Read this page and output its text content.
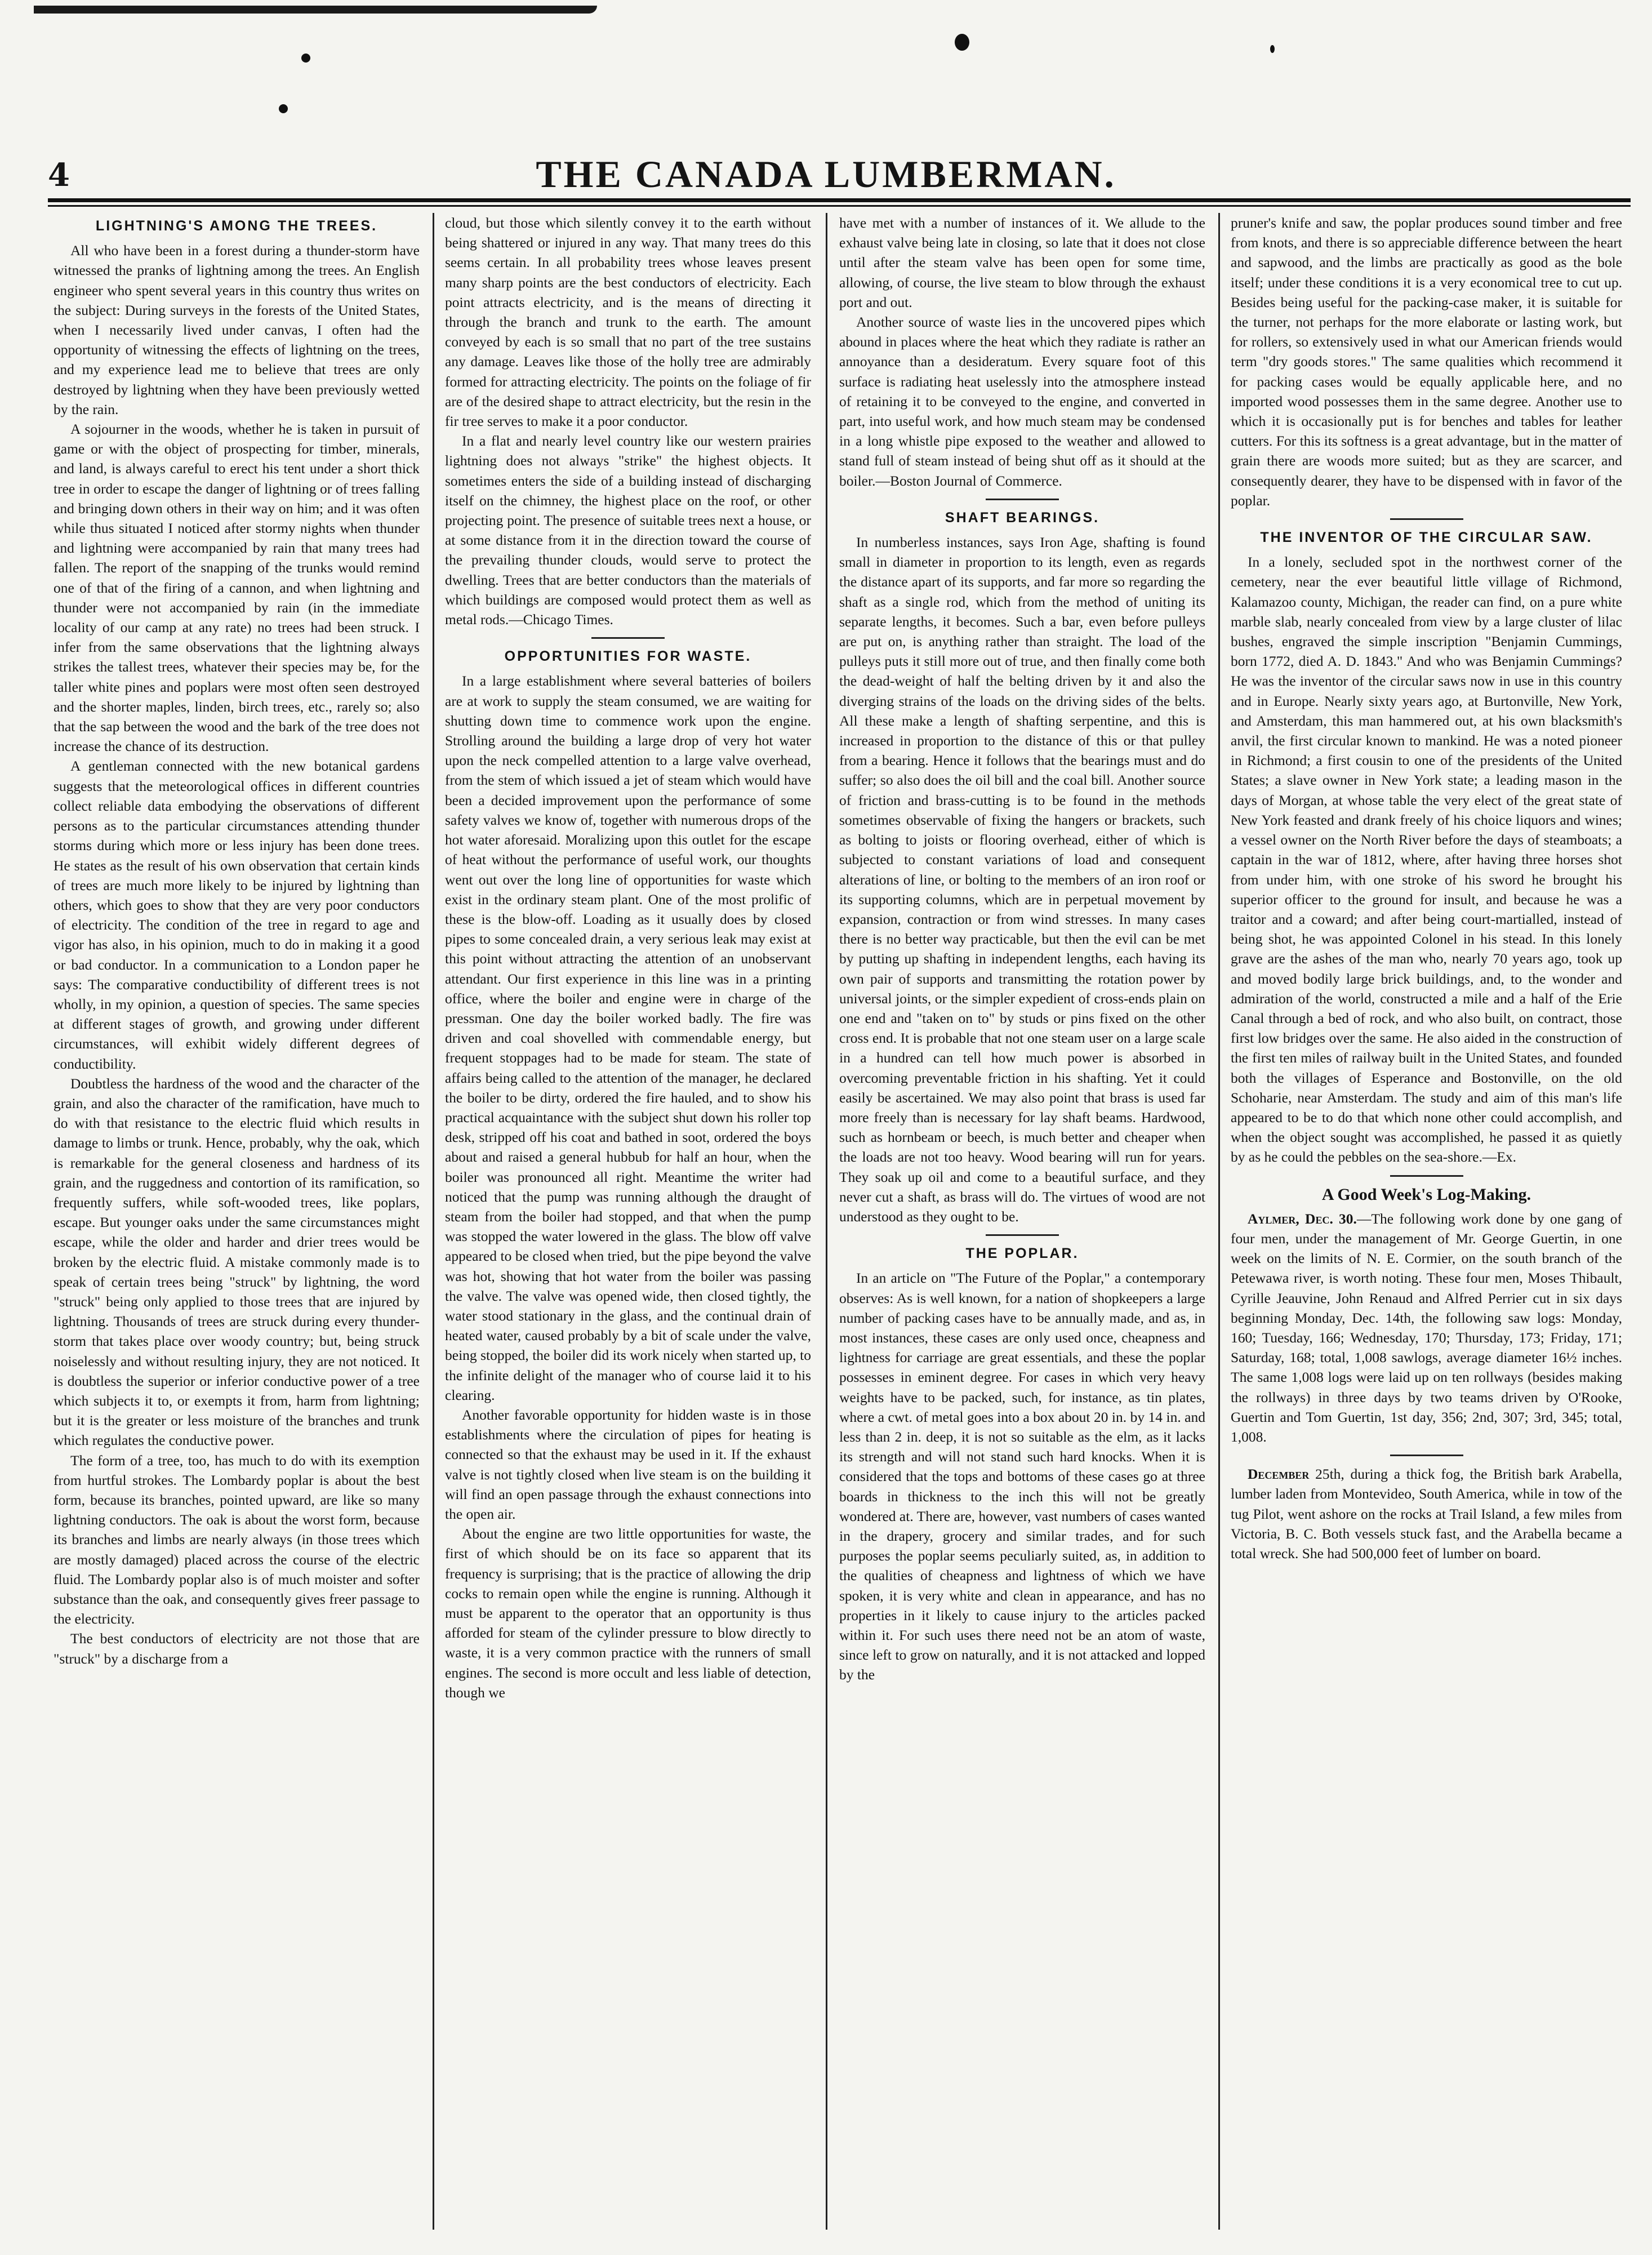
4	THE CANADA LUMBERMAN.
LIGHTNING'S AMONG THE TREES.

All who have been in a forest during a thunder-storm have witnessed the pranks of lightning among the trees. An English engineer who spent several years in this country thus writes on the subject: During surveys in the forests of the United States, when I necessarily lived under canvas, I often had the opportunity of witnessing the effects of lightning on the trees, and my experience lead me to believe that trees are only destroyed by lightning when they have been previously wetted by the rain.

A sojourner in the woods, whether he is taken in pursuit of game or with the object of prospecting for timber, minerals, and land, is always careful to erect his tent under a short thick tree in order to escape the danger of lightning or of trees falling and bringing down others in their way on him; and it was often while thus situated I noticed after stormy nights when thunder and lightning were accompanied by rain that many trees had fallen. The report of the snapping of the trunks would remind one of that of the firing of a cannon, and when lightning and thunder were not accompanied by rain (in the immediate locality of our camp at any rate) no trees had been struck. I infer from the same observations that the lightning always strikes the tallest trees, whatever their species may be, for the taller white pines and poplars were most often seen destroyed and the shorter maples, linden, birch trees, etc., rarely so; also that the sap between the wood and the bark of the tree does not increase the chance of its destruction.

A gentleman connected with the new botanical gardens suggests that the meteorological offices in different countries collect reliable data embodying the observations of different persons as to the particular circumstances attending thunder storms during which more or less injury has been done trees. He states as the result of his own observation that certain kinds of trees are much more likely to be injured by lightning than others, which goes to show that they are very poor conductors of electricity. The condition of the tree in regard to age and vigor has also, in his opinion, much to do in making it a good or bad conductor. In a communication to a London paper he says: The comparative conductibility of different trees is not wholly, in my opinion, a question of species. The same species at different stages of growth, and growing under different circumstances, will exhibit widely different degrees of conductibility.

Doubtless the hardness of the wood and the character of the grain, and also the character of the ramification, have much to do with that resistance to the electric fluid which results in damage to limbs or trunk. Hence, probably, why the oak, which is remarkable for the general closeness and hardness of its grain, and the ruggedness and contortion of its ramification, so frequently suffers, while soft-wooded trees, like poplars, escape. But younger oaks under the same circumstances might escape, while the older and harder and drier trees would be broken by the electric fluid. A mistake commonly made is to speak of certain trees being "struck" by lightning, the word "struck" being only applied to those trees that are injured by lightning. Thousands of trees are struck during every thunder-storm that takes place over woody country; but, being struck noiselessly and without resulting injury, they are not noticed. It is doubtless the superior or inferior conductive power of a tree which subjects it to, or exempts it from, harm from lightning; but it is the greater or less moisture of the branches and trunk which regulates the conductive power.

The form of a tree, too, has much to do with its exemption from hurtful strokes. The Lombardy poplar is about the best form, because its branches, pointed upward, are like so many lightning conductors. The oak is about the worst form, because its branches and limbs are nearly always (in those trees which are mostly damaged) placed across the course of the electric fluid. The Lombardy poplar also is of much moister and softer substance than the oak, and consequently gives freer passage to the electricity.

The best conductors of electricity are not those that are "struck" by a discharge from a

cloud, but those which silently convey it to the earth without being shattered or injured in any way. That many trees do this seems certain. In all probability trees whose leaves present many sharp points are the best conductors of electricity. Each point attracts electricity, and is the means of directing it through the branch and trunk to the earth. The amount conveyed by each is so small that no part of the tree sustains any damage. Leaves like those of the holly tree are admirably formed for attracting electricity. The points on the foliage of fir are of the desired shape to attract electricity, but the resin in the fir tree serves to make it a poor conductor.

In a flat and nearly level country like our western prairies lightning does not always "strike" the highest objects. It sometimes enters the side of a building instead of discharging itself on the chimney, the highest place on the roof, or other projecting point. The presence of suitable trees next a house, or at some distance from it in the direction toward the course of the prevailing thunder clouds, would serve to protect the dwelling. Trees that are better conductors than the materials of which buildings are composed would protect them as well as metal rods.—Chicago Times.

OPPORTUNITIES FOR WASTE.

In a large establishment where several batteries of boilers are at work to supply the steam consumed, we are waiting for shutting down time to commence work upon the engine. Strolling around the building a large drop of very hot water upon the neck compelled attention to a large valve overhead, from the stem of which issued a jet of steam which would have been a decided improvement upon the performance of some safety valves we know of, together with numerous drops of the hot water aforesaid. Moralizing upon this outlet for the escape of heat without the performance of useful work, our thoughts went out over the long line of opportunities for waste which exist in the ordinary steam plant. One of the most prolific of these is the blow-off. Loading as it usually does by closed pipes to some concealed drain, a very serious leak may exist at this point without attracting the attention of an unobservant attendant. Our first experience in this line was in a printing office, where the boiler and engine were in charge of the pressman. One day the boiler worked badly. The fire was driven and coal shovelled with commendable energy, but frequent stoppages had to be made for steam. The state of affairs being called to the attention of the manager, he declared the boiler to be dirty, ordered the fire hauled, and to show his practical acquaintance with the subject shut down his roller top desk, stripped off his coat and bathed in soot, ordered the boys about and raised a general hubbub for half an hour, when the boiler was pronounced all right. Meantime the writer had noticed that the pump was running although the draught of steam from the boiler had stopped, and that when the pump was stopped the water lowered in the glass. The blow off valve appeared to be closed when tried, but the pipe beyond the valve was hot, showing that hot water from the boiler was passing the valve. The valve was opened wide, then closed tightly, the water stood stationary in the glass, and the continual drain of heated water, caused probably by a bit of scale under the valve, being stopped, the boiler did its work nicely when started up, to the infinite delight of the manager who of course laid it to his clearing.

Another favorable opportunity for hidden waste is in those establishments where the circulation of pipes for heating is connected so that the exhaust may be used in it. If the exhaust valve is not tightly closed when live steam is on the building it will find an open passage through the exhaust connections into the open air.

About the engine are two little opportunities for waste, the first of which should be on its face so apparent that its frequency is surprising; that is the practice of allowing the drip cocks to remain open while the engine is running. Although it must be apparent to the operator that an opportunity is thus afforded for steam of the cylinder pressure to blow directly to waste, it is a very common practice with the runners of small engines. The second is more occult and less liable of detection, though we

have met with a number of instances of it. We allude to the exhaust valve being late in closing, so late that it does not close until after the steam valve has been open for some time, allowing, of course, the live steam to blow through the exhaust port and out.

Another source of waste lies in the uncovered pipes which abound in places where the heat which they radiate is rather an annoyance than a desideratum. Every square foot of this surface is radiating heat uselessly into the atmosphere instead of retaining it to be conveyed to the engine, and converted in part, into useful work, and how much steam may be condensed in a long whistle pipe exposed to the weather and allowed to stand full of steam instead of being shut off as it should at the boiler.—Boston Journal of Commerce.

SHAFT BEARINGS.

In numberless instances, says Iron Age, shafting is found small in diameter in proportion to its length, even as regards the distance apart of its supports, and far more so regarding the shaft as a single rod, which from the method of uniting its separate lengths, it becomes. Such a bar, even before pulleys are put on, is anything rather than straight. The load of the pulleys puts it still more out of true, and then finally come both the dead-weight of half the belting driven by it and also the diverging strains of the loads on the driving sides of the belts. All these make a length of shafting serpentine, and this is increased in proportion to the distance of this or that pulley from a bearing. Hence it follows that the bearings must and do suffer; so also does the oil bill and the coal bill. Another source of friction and brass-cutting is to be found in the methods sometimes observable of fixing the hangers or brackets, such as bolting to joists or flooring overhead, either of which is subjected to constant variations of load and consequent alterations of line, or bolting to the members of an iron roof or its supporting columns, which are in perpetual movement by expansion, contraction or from wind stresses. In many cases there is no better way practicable, but then the evil can be met by putting up shafting in independent lengths, each having its own pair of supports and transmitting the rotation power by universal joints, or the simpler expedient of cross-ends plain on one end and "taken on to" by studs or pins fixed on the other cross end. It is probable that not one steam user on a large scale in a hundred can tell how much power is absorbed in overcoming preventable friction in his shafting. Yet it could easily be ascertained. We may also point that brass is used far more freely than is necessary for lay shaft beams. Hardwood, such as hornbeam or beech, is much better and cheaper when the loads are not too heavy. Wood bearing will run for years. They soak up oil and come to a beautiful surface, and they never cut a shaft, as brass will do. The virtues of wood are not understood as they ought to be.

THE POPLAR.

In an article on "The Future of the Poplar," a contemporary observes: As is well known, for a nation of shopkeepers a large number of packing cases have to be annually made, and as, in most instances, these cases are only used once, cheapness and lightness for carriage are great essentials, and these the poplar possesses in eminent degree. For cases in which very heavy weights have to be packed, such, for instance, as tin plates, where a cwt. of metal goes into a box about 20 in. by 14 in. and less than 2 in. deep, it is not so suitable as the elm, as it lacks its strength and will not stand such hard knocks. When it is considered that the tops and bottoms of these cases go at three boards in thickness to the inch this will not be greatly wondered at. There are, however, vast numbers of cases wanted in the drapery, grocery and similar trades, and for such purposes the poplar seems peculiarly suited, as, in addition to the qualities of cheapness and lightness of which we have spoken, it is very white and clean in appearance, and has no properties in it likely to cause injury to the articles packed within it. For such uses there need not be an atom of waste, since left to grow on naturally, and it is not attacked and lopped by the

pruner's knife and saw, the poplar produces sound timber and free from knots, and there is so appreciable difference between the heart and sapwood, and the limbs are practically as good as the bole itself; under these conditions it is a very economical tree to cut up. Besides being useful for the packing-case maker, it is suitable for the turner, not perhaps for the more elaborate or lasting work, but for rollers, so extensively used in what our American friends would term "dry goods stores." The same qualities which recommend it for packing cases would be equally applicable here, and no imported wood possesses them in the same degree. Another use to which it is occasionally put is for benches and tables for leather cutters. For this its softness is a great advantage, but in the matter of grain there are woods more suited; but as they are scarcer, and consequently dearer, they have to be dispensed with in favor of the poplar.

THE INVENTOR OF THE CIRCULAR SAW.

In a lonely, secluded spot in the northwest corner of the cemetery, near the ever beautiful little village of Richmond, Kalamazoo county, Michigan, the reader can find, on a pure white marble slab, nearly concealed from view by a large cluster of lilac bushes, engraved the simple inscription "Benjamin Cummings, born 1772, died A. D. 1843." And who was Benjamin Cummings? He was the inventor of the circular saws now in use in this country and in Europe. Nearly sixty years ago, at Burtonville, New York, and Amsterdam, this man hammered out, at his own blacksmith's anvil, the first circular known to mankind. He was a noted pioneer in Richmond; a first cousin to one of the presidents of the United States; a slave owner in New York state; a leading mason in the days of Morgan, at whose table the very elect of the great state of New York feasted and drank freely of his choice liquors and wines; a vessel owner on the North River before the days of steamboats; a captain in the war of 1812, where, after having three horses shot from under him, with one stroke of his sword he brought his superior officer to the ground for insult, and because he was a traitor and a coward; and after being court-martialled, instead of being shot, he was appointed Colonel in his stead. In this lonely grave are the ashes of the man who, nearly 70 years ago, took up and moved bodily large brick buildings, and, to the wonder and admiration of the world, constructed a mile and a half of the Erie Canal through a bed of rock, and who also built, on contract, those first low bridges over the same. He also aided in the construction of the first ten miles of railway built in the United States, and founded both the villages of Esperance and Bostonville, on the old Schoharie, near Amsterdam. The study and aim of this man's life appeared to be to do that which none other could accomplish, and when the object sought was accomplished, he passed it as quietly by as he could the pebbles on the sea-shore.—Ex.

A Good Week's Log-Making.

Aylmer, Dec. 30.—The following work done by one gang of four men, under the management of Mr. George Guertin, in one week on the limits of N. E. Cormier, on the south branch of the Petewawa river, is worth noting. These four men, Moses Thibault, Cyrille Jeauvine, John Renaud and Alfred Perrier cut in six days beginning Monday, Dec. 14th, the following saw logs: Monday, 160; Tuesday, 166; Wednesday, 170; Thursday, 173; Friday, 171; Saturday, 168; total, 1,008 sawlogs, average diameter 16½ inches. The same 1,008 logs were laid up on ten rollways (besides making the rollways) in three days by two teams driven by O'Rooke, Guertin and Tom Guertin, 1st day, 356; 2nd, 307; 3rd, 345; total, 1,008.

December 25th, during a thick fog, the British bark Arabella, lumber laden from Montevideo, South America, while in tow of the tug Pilot, went ashore on the rocks at Trail Island, a few miles from Victoria, B. C. Both vessels stuck fast, and the Arabella became a total wreck. She had 500,000 feet of lumber on board.
